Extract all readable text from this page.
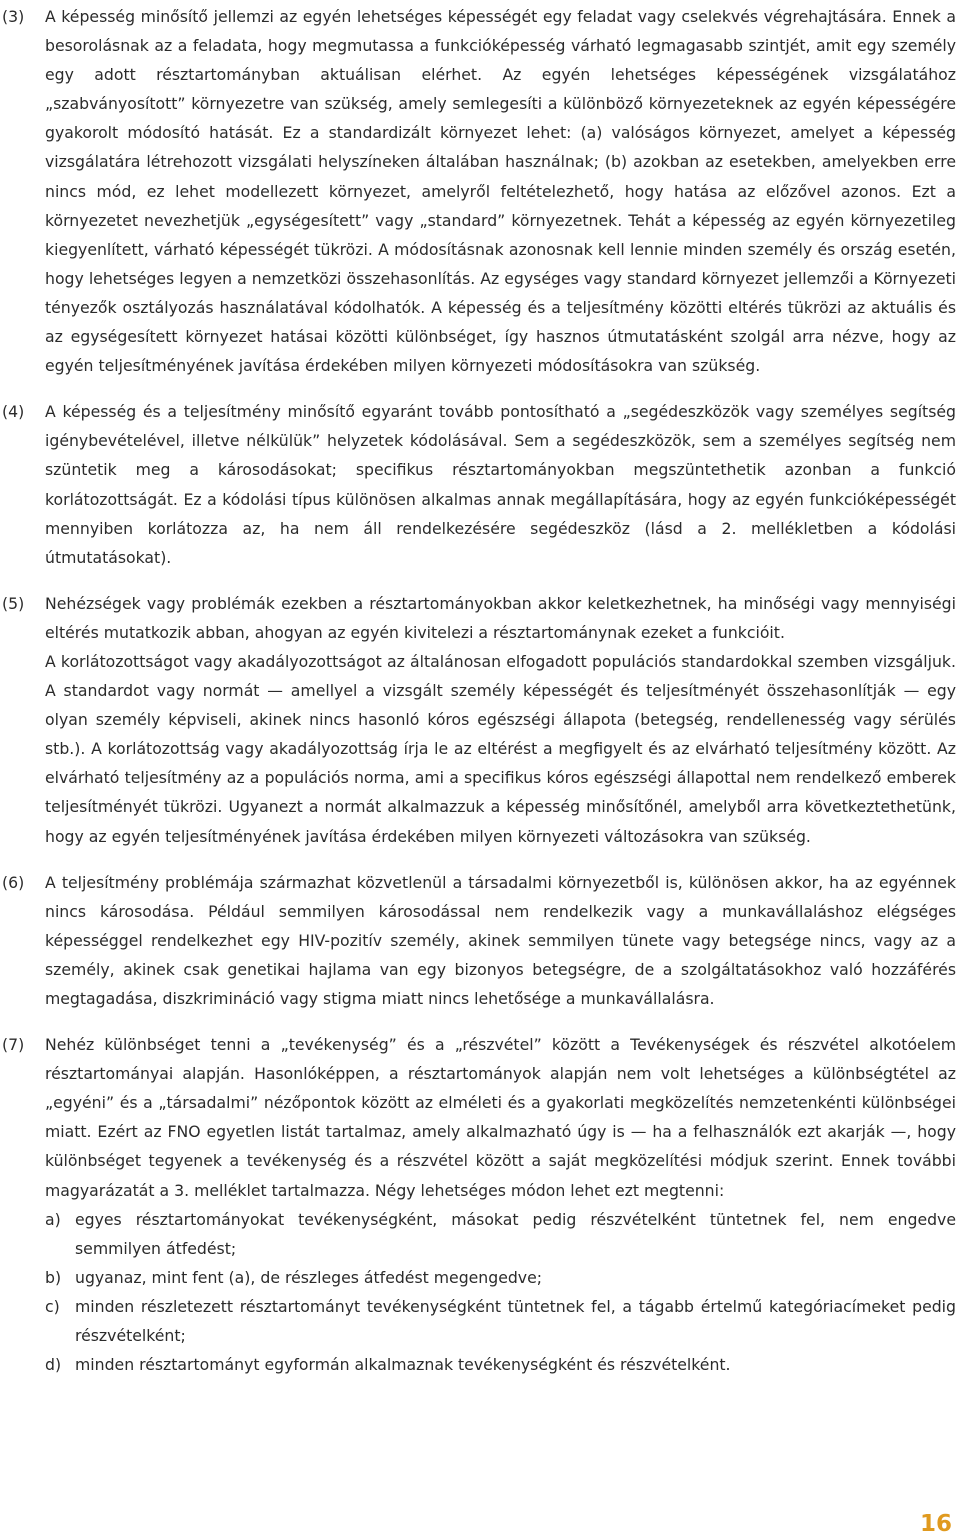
(3)	A képesség minősítő jellemzi az egyén lehetséges képességét egy feladat vagy cselekvés végrehajtására. Ennek a besorolásnak az a feladata, hogy megmutassa a funkcióképesség várható legmagasabb szintjét, amit egy személy egy adott résztartományban aktuálisan elérhet. Az egyén lehetséges képességének vizsgálatához „szabványosított” környezetre van szükség, amely semlegesíti a különböző környezeteknek az egyén képességére gyakorolt módosító hatását. Ez a standardizált környezet lehet: (a) valóságos környezet, amelyet a képesség vizsgálatára létrehozott vizsgálati helyszíneken általában használnak; (b) azokban az esetekben, amelyekben erre nincs mód, ez lehet modellezett környezet, amelyről feltételezhető, hogy hatása az előzővel azonos. Ezt a környezetet nevezhetjük „egységesített” vagy „standard” környezetnek. Tehát a képesség az egyén környezetileg kiegyenlített, várható képességét tükrözi. A módosításnak azonosnak kell lennie minden személy és ország esetén, hogy lehetséges legyen a nemzetközi összehasonlítás. Az egységes vagy standard környezet jellemzői a Környezeti tényezők osztályozás használatával kódolhatók. A képesség és a teljesítmény közötti eltérés tükrözi az aktuális és az egységesített környezet hatásai közötti különbséget, így hasznos útmutatásként szolgál arra nézve, hogy az egyén teljesítményének javítása érdekében milyen környezeti módosításokra van szükség.

(4)	A képesség és a teljesítmény minősítő egyaránt tovább pontosítható a „segédeszközök vagy személyes segítség igénybevételével, illetve nélkülük” helyzetek kódolásával. Sem a segédeszközök, sem a személyes segítség nem szüntetik meg a károsodásokat; specifikus résztartományokban megszüntethetik azonban a funkció korlátozottságát. Ez a kódolási típus különösen alkalmas annak megállapítására, hogy az egyén funkcióképességét mennyiben korlátozza az, ha nem áll rendelkezésére segédeszköz (lásd a 2. mellékletben a kódolási útmutatásokat).

(5)	Nehézségek vagy problémák ezekben a résztartományokban akkor keletkezhetnek, ha minőségi vagy mennyiségi eltérés mutatkozik abban, ahogyan az egyén kivitelezi a résztartománynak ezeket a funkcióit.

A korlátozottságot vagy akadályozottságot az általánosan elfogadott populációs standardokkal szemben vizsgáljuk. A standardot vagy normát — amellyel a vizsgált személy képességét és teljesítményét összehasonlítják — egy olyan személy képviseli, akinek nincs hasonló kóros egészségi állapota (betegség, rendellenesség vagy sérülés stb.). A korlátozottság vagy akadályozottság írja le az eltérést a megfigyelt és az elvárható teljesítmény között. Az elvárható teljesítmény az a populációs norma, ami a specifikus kóros egészségi állapottal nem rendelkező emberek teljesítményét tükrözi. Ugyanezt a normát alkalmazzuk a képesség minősítőnél, amelyből arra következtethetünk, hogy az egyén teljesítményének javítása érdekében milyen környezeti változásokra van szükség.

(6)	A teljesítmény problémája származhat közvetlenül a társadalmi környezetből is, különösen akkor, ha az egyénnek nincs károsodása. Például semmilyen károsodással nem rendelkezik vagy a munkavállaláshoz elégséges képességgel rendelkezhet egy HIV-pozitív személy, akinek semmilyen tünete vagy betegsége nincs, vagy az a személy, akinek csak genetikai hajlama van egy bizonyos betegségre, de a szolgáltatásokhoz való hozzáférés megtagadása, diszkrimináció vagy stigma miatt nincs lehetősége a munkavállalásra.

(7)	Nehéz különbséget tenni a „tevékenység” és a „részvétel” között a Tevékenységek és részvétel alkotóelem résztartományai alapján. Hasonlóképpen, a résztartományok alapján nem volt lehetséges a különbségtétel az „egyéni” és a „társadalmi” nézőpontok között az elméleti és a gyakorlati megközelítés nemzetenkénti különbségei miatt. Ezért az FNO egyetlen listát tartalmaz, amely alkalmazható úgy is — ha a felhasználók ezt akarják —, hogy különbséget tegyenek a tevékenység és a részvétel között a saját megközelítési módjuk szerint. Ennek további magyarázatát a 3. melléklet tartalmazza. Négy lehetséges módon lehet ezt megtenni:

a) egyes résztartományokat tevékenységként, másokat pedig részvételként tüntetnek fel, nem engedve semmilyen átfedést;
b) ugyanaz, mint fent (a), de részleges átfedést megengedve;
c) minden részletezett résztartományt tevékenységként tüntetnek fel, a tágabb értelmű kategóriacímeket pedig részvételként;
d) minden résztartományt egyformán alkalmaznak tevékenységként és részvételként.
16
